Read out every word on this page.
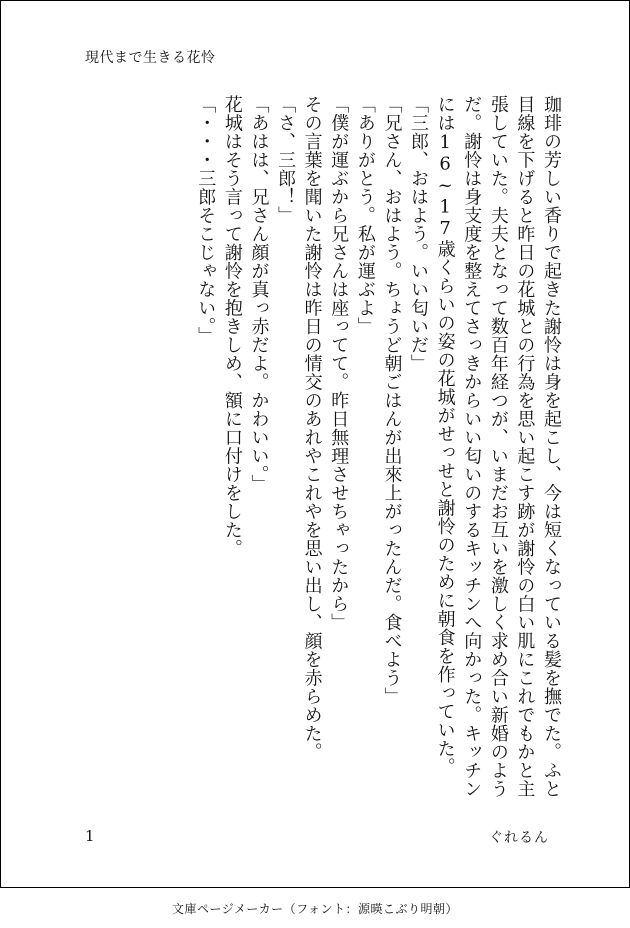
現代まで生きる花怜

珈琲の芳しい香りで起きた謝怜は身を起こし、今は短くなっている髪を撫でた。ふと目線を下げると昨日の花城との行為を思い起こす跡が謝怜の白い肌にこれでもかと主張していた。夫夫となって数百年経つが、いまだお互いを激しく求め合い新婚のようだ。謝怜は身支度を整えてさっきからいい匂いのするキッチンへ向かった。キッチンには16~17歳くらいの姿の花城がせっせと謝怜のために朝食を作っていた。

「三郎、おはよう。いい匂いだ」

「兄さん、おはよう。ちょうど朝ごはんが出來上がったんだ。食べよう」

「ありがとう。私が運ぶよ」

「僕が運ぶから兄さんは座ってて。昨日無理させちゃったから」

その言葉を聞いた謝怜は昨日の情交のあれやこれやを思い出し、顔を赤らめた。

「さ、三郎！」

「あはは、兄さん顔が真っ赤だよ。かわいい。」

花城はそう言って謝怜を抱きしめ、額に口付けをした。

「・・・三郎そこじゃない。」

1	ぐれるん
文庫ページメーカー（フォント：源暎こぶり明朝）
